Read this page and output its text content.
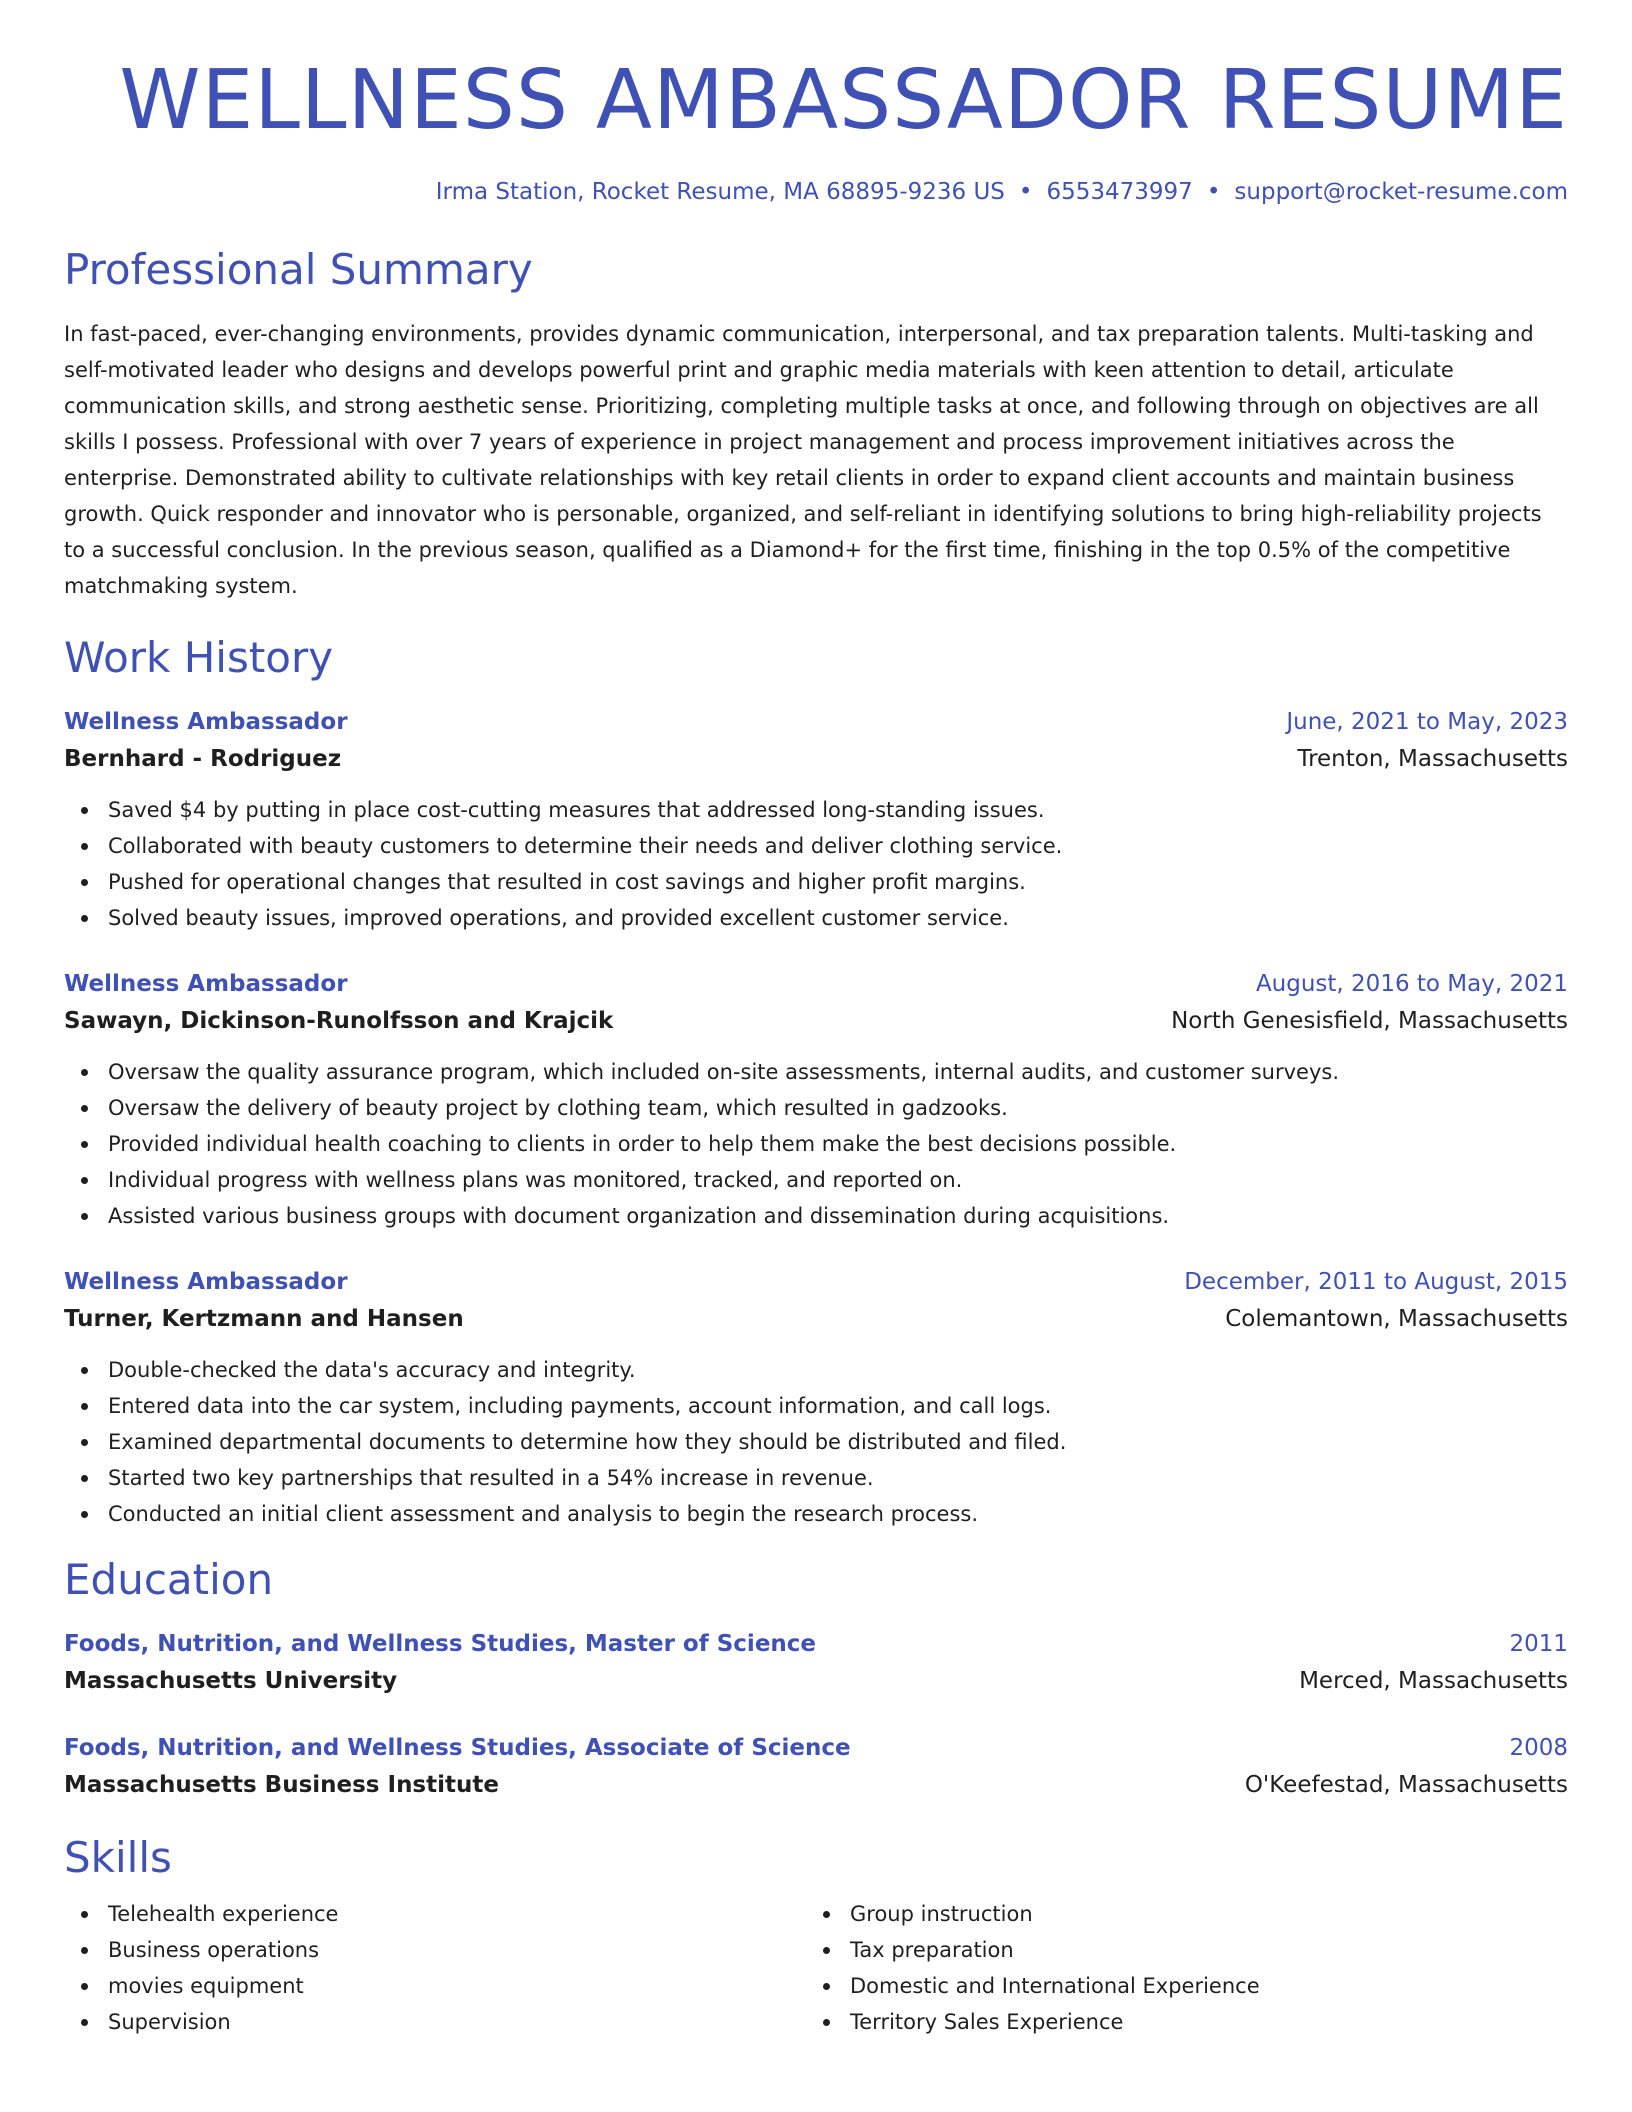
WELLNESS AMBASSADOR RESUME
Irma Station, Rocket Resume, MA 68895-9236 US • 6553473997 • support@rocket-resume.com
Professional Summary
In fast-paced, ever-changing environments, provides dynamic communication, interpersonal, and tax preparation talents. Multi-tasking and self-motivated leader who designs and develops powerful print and graphic media materials with keen attention to detail, articulate communication skills, and strong aesthetic sense. Prioritizing, completing multiple tasks at once, and following through on objectives are all skills I possess. Professional with over 7 years of experience in project management and process improvement initiatives across the enterprise. Demonstrated ability to cultivate relationships with key retail clients in order to expand client accounts and maintain business growth. Quick responder and innovator who is personable, organized, and self-reliant in identifying solutions to bring high-reliability projects to a successful conclusion. In the previous season, qualified as a Diamond+ for the first time, finishing in the top 0.5% of the competitive matchmaking system.
Work History
Wellness Ambassador	June, 2021 to May, 2023
Bernhard - Rodriguez	Trenton, Massachusetts
Saved $4 by putting in place cost-cutting measures that addressed long-standing issues.
Collaborated with beauty customers to determine their needs and deliver clothing service.
Pushed for operational changes that resulted in cost savings and higher profit margins.
Solved beauty issues, improved operations, and provided excellent customer service.
Wellness Ambassador	August, 2016 to May, 2021
Sawayn, Dickinson-Runolfsson and Krajcik	North Genesisfield, Massachusetts
Oversaw the quality assurance program, which included on-site assessments, internal audits, and customer surveys.
Oversaw the delivery of beauty project by clothing team, which resulted in gadzooks.
Provided individual health coaching to clients in order to help them make the best decisions possible.
Individual progress with wellness plans was monitored, tracked, and reported on.
Assisted various business groups with document organization and dissemination during acquisitions.
Wellness Ambassador	December, 2011 to August, 2015
Turner, Kertzmann and Hansen	Colemantown, Massachusetts
Double-checked the data's accuracy and integrity.
Entered data into the car system, including payments, account information, and call logs.
Examined departmental documents to determine how they should be distributed and filed.
Started two key partnerships that resulted in a 54% increase in revenue.
Conducted an initial client assessment and analysis to begin the research process.
Education
Foods, Nutrition, and Wellness Studies, Master of Science	2011
Massachusetts University	Merced, Massachusetts
Foods, Nutrition, and Wellness Studies, Associate of Science	2008
Massachusetts Business Institute	O'Keefestad, Massachusetts
Skills
Telehealth experience
Business operations
movies equipment
Supervision
Group instruction
Tax preparation
Domestic and International Experience
Territory Sales Experience
